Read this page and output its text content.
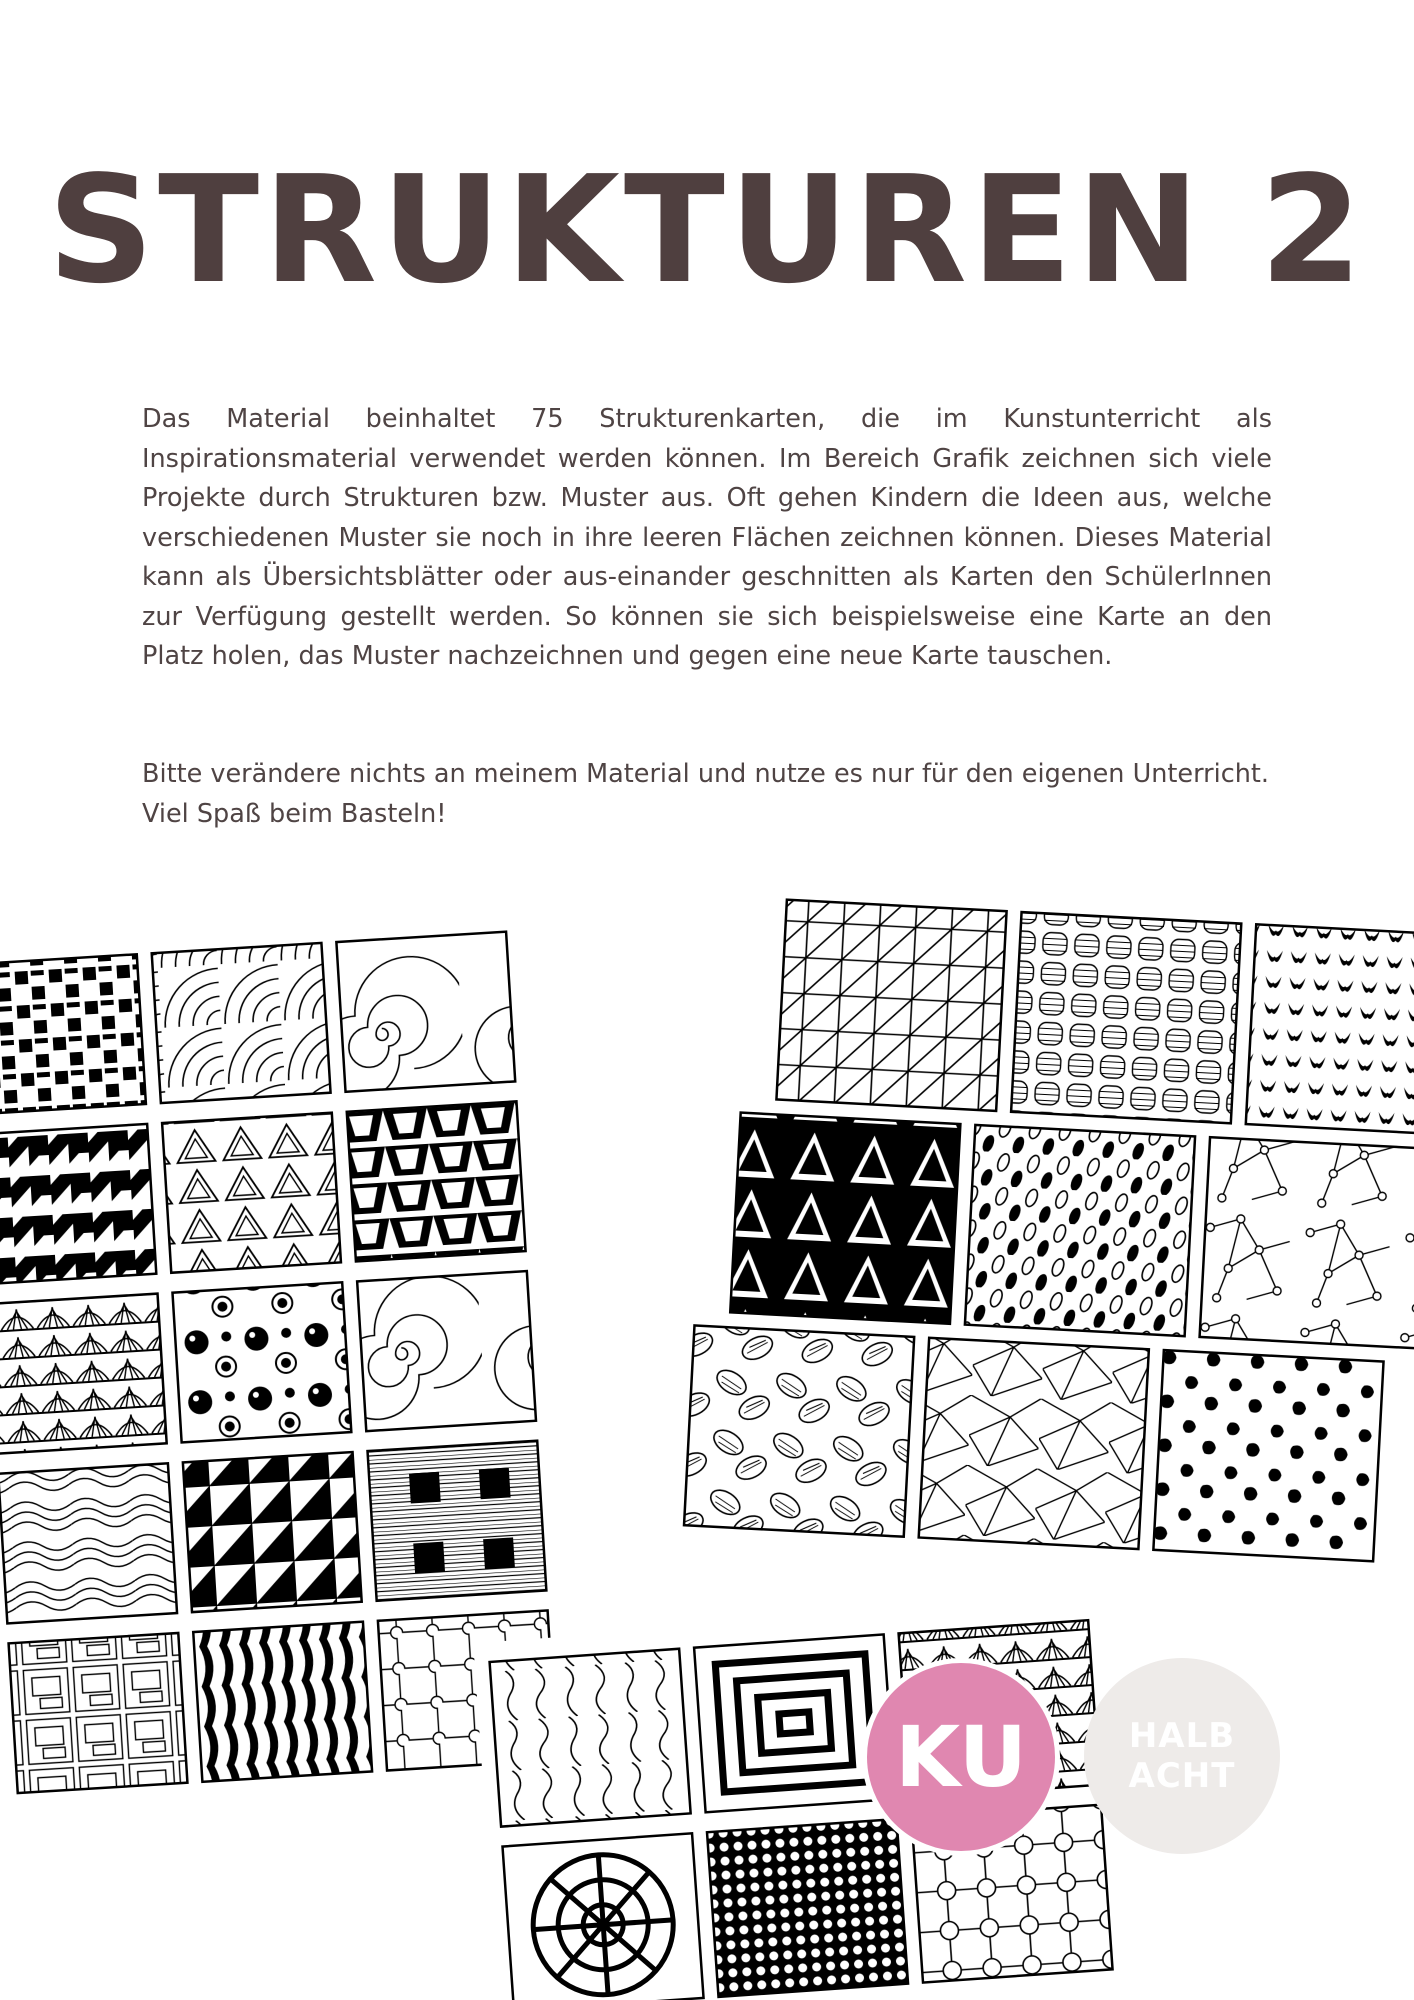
STRUKTUREN 2

Das Material beinhaltet 75 Strukturenkarten, die im Kunstunterricht als Inspirationsmaterial verwendet werden können. Im Bereich Grafik zeichnen sich viele Projekte durch Strukturen bzw. Muster aus. Oft gehen Kindern die Ideen aus, welche verschiedenen Muster sie noch in ihre leeren Flächen zeichnen können. Dieses Material kann als Übersichtsblätter oder aus-einander geschnitten als Karten den SchülerInnen zur Verfügung gestellt werden. So können sie sich beispielsweise eine Karte an den Platz holen, das Muster nachzeichnen und gegen eine neue Karte tauschen.

Bitte verändere nichts an meinem Material und nutze es nur für den eigenen Unterricht. Viel Spaß beim Basteln!

KU	HALB
ACHT
